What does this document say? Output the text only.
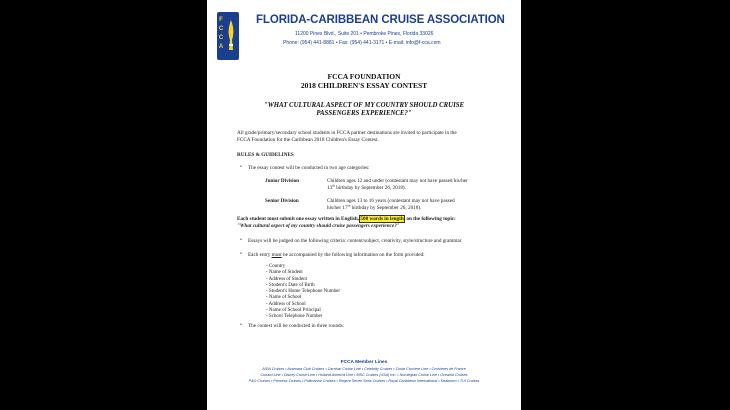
F
C
C
A
FLORIDA-CARIBBEAN CRUISE ASSOCIATION
11200 Pines Blvd., Suite 201 • Pembroke Pines, Florida 33026
Phone: (954) 441-8881 • Fax: (954) 441-3171 • E-mail: info@f-cca.com
FCCA FOUNDATION
2018 CHILDREN'S ESSAY CONTEST
"WHAT CULTURAL ASPECT OF MY COUNTRY SHOULD CRUISE
PASSENGERS EXPERIENCE?"
All grade/primary/secondary school students in FCCA partner destinations are invited to participate in the
FCCA Foundation for the Caribbean 2018 Children's Essay Contest.
RULES & GUIDELINES
• The essay contest will be conducted in two age categories:
Junior Division	Children ages 12 and under (contestant may not have passed his/her
13th birthday by September 26, 2018).
Senior Division	Children ages 13 to 16 years (contestant may not have passed
his/her 17th birthday by September 26, 2018).
Each student must submit one essay written in English, 500 words in length, on the following topic:
"What cultural aspect of my country should cruise passengers experience?"
• Essays will be judged on the following criteria: content/subject, creativity, style/structure and grammar.
• Each entry must be accompanied by the following information on the form provided:
- Country
- Name of Student
- Address of Student
- Student's Date of Birth
- Student's Home Telephone Number
- Name of School
- Address of School
- Name of School Principal
- School Telephone Number
• The contest will be conducted in three rounds:
FCCA Member Lines
AIDA Cruises • Azamara Club Cruises • Carnival Cruise Line • Celebrity Cruises • Costa Crociere Line • Croisieres de France
Cunard Line • Disney Cruise Line • Holland America Line • MSC Cruises (USA) Inc. • Norwegian Cruise Line • Oceania Cruises
P&O Cruises • Princess Cruises • Pullmantur Cruises • Regent Seven Seas Cruises • Royal Caribbean International • Seabourn • TUI Cruises
